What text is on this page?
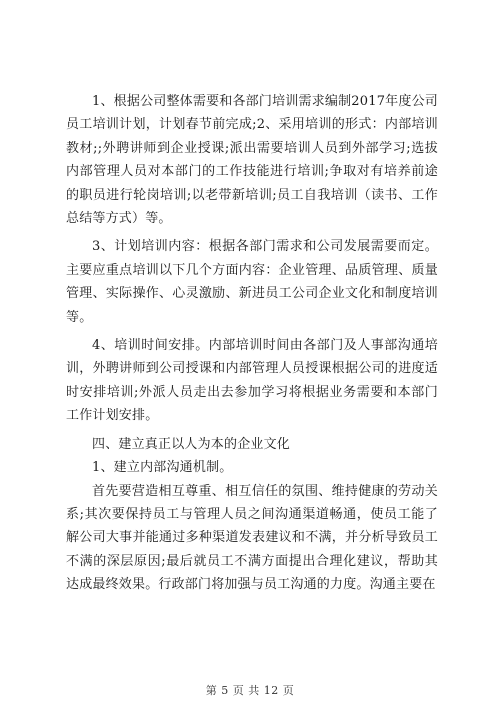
1、根据公司整体需要和各部门培训需求编制2017年度公司员工培训计划，计划春节前完成;2、采用培训的形式：内部培训教材;;外聘讲师到企业授课;派出需要培训人员到外部学习;选拔内部管理人员对本部门的工作技能进行培训;争取对有培养前途的职员进行轮岗培训;以老带新培训;员工自我培训（读书、工作总结等方式）等。

3、计划培训内容：根据各部门需求和公司发展需要而定。主要应重点培训以下几个方面内容：企业管理、品质管理、质量管理、实际操作、心灵激励、新进员工公司企业文化和制度培训等。

4、培训时间安排。内部培训时间由各部门及人事部沟通培训，外聘讲师到公司授课和内部管理人员授课根据公司的进度适时安排培训;外派人员走出去参加学习将根据业务需要和本部门工作计划安排。

四、建立真正以人为本的企业文化

1、建立内部沟通机制。

首先要营造相互尊重、相互信任的氛围、维持健康的劳动关系;其次要保持员工与管理人员之间沟通渠道畅通，使员工能了解公司大事并能通过多种渠道发表建议和不满，并分析导致员工不满的深层原因;最后就员工不满方面提出合理化建议，帮助其达成最终效果。行政部门将加强与员工沟通的力度。沟通主要在

第 5 页 共 12 页
